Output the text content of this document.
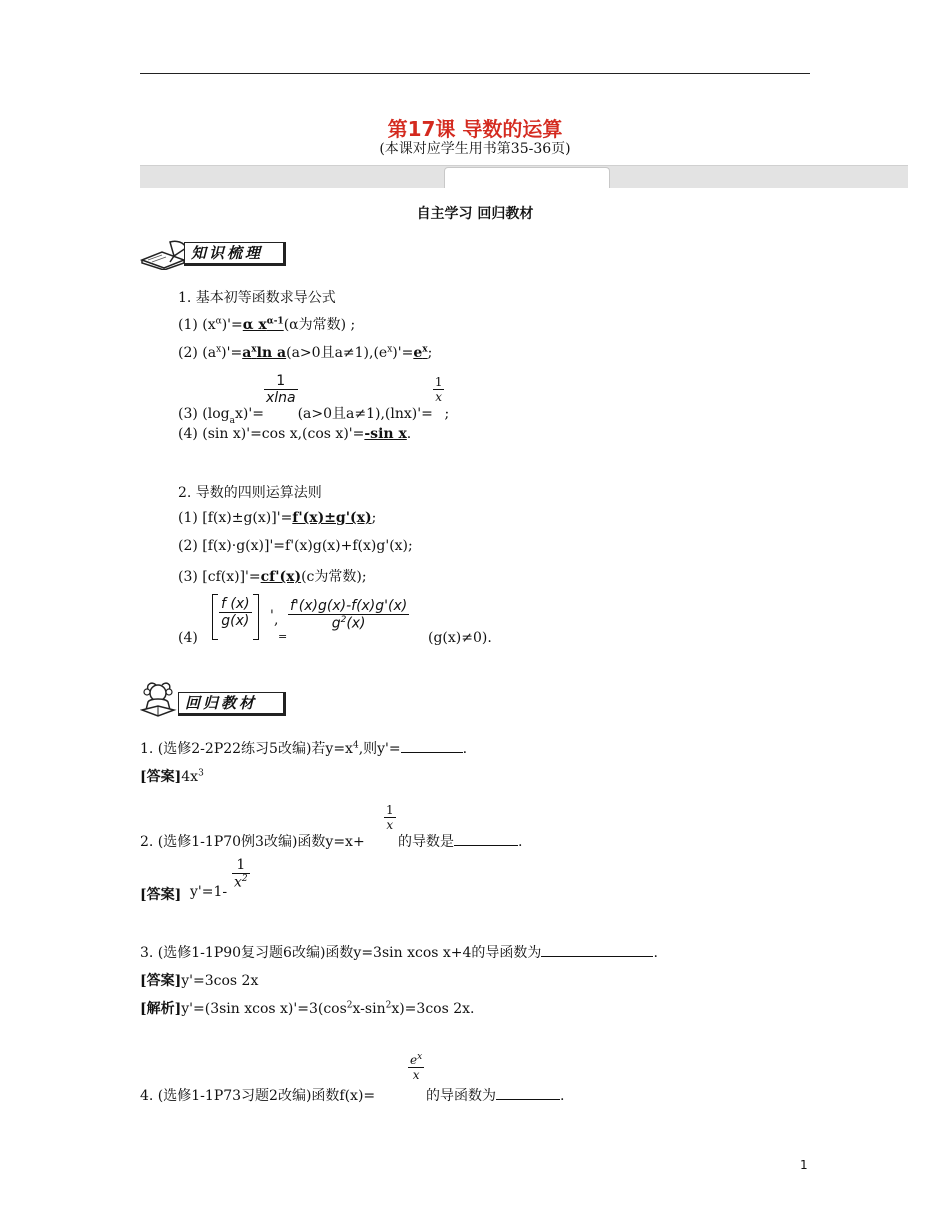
第17课 导数的运算
(本课对应学生用书第35-36页)
自主学习 回归教材
知识梳理
1. 基本初等函数求导公式
(1) $(x^\alpha)'=\alpha$ $x^{\alpha-1}(\alpha$为常数) ;
(2) $(a^x)'=a^x\ln$ a(a>0且$a\ne 1),(e^x)'=e^x$;
(3) $(\log_ax)'=$
$\frac{1}{xlna}$
(a>0且a≠1),(lnx)'=
$\frac{1}{x}$
;
(4) (sin x)'=cos x,(cos x)'=-sin x.
2. 导数的四则运算法则
(1) [f(x)±g(x)]'=f'(x)±g'(x);
(2) [f(x)·g(x)]'=f'(x)g(x)+f(x)g'(x);
(3) [cf(x)]'=cf'(x)(c为常数);
(4)
$\frac{f (x)}{g(x)}$ ' ,
=
$\frac{f'(x)g(x)-f(x)g'(x)}{g^2(x)}$
(g(x)≠0).
回归教材
1. (选修2-2P22练习5改编)若$y=x^4$,则y'=	.
[答案]$4x^3$
2. (选修1-1P70例3改编)函数y=x+
$\frac{1}{x}$
的导数是	.
[答案] y'=1-
$\frac{1}{x^2}$
3. (选修1-1P90复习题6改编)函数y=3sin xcos x+4的导函数为	.
[答案]y'=3cos 2x
[解析]y'=(3sin xcos $x)'=3(\cos^2x-\sin^2x)=3\cos$ 2x.
4. (选修1-1P73习题2改编)函数f(x)=
$\frac{e^x}{x}$
的导函数为	.
1
